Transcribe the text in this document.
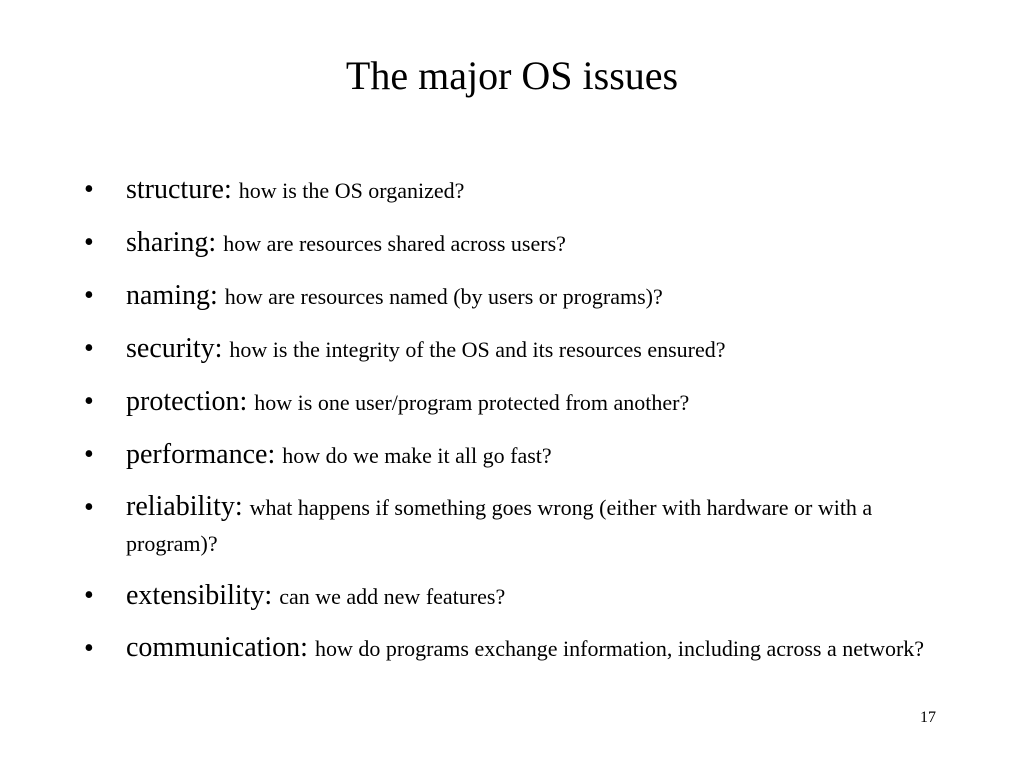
The major OS issues
• structure: how is the OS organized?
• sharing: how are resources shared across users?
• naming: how are resources named (by users or programs)?
• security: how is the integrity of the OS and its resources ensured?
• protection: how is one user/program protected from another?
• performance: how do we make it all go fast?
• reliability: what happens if something goes wrong (either with hardware or with a program)?
• extensibility: can we add new features?
• communication: how do programs exchange information, including across a network?
17
